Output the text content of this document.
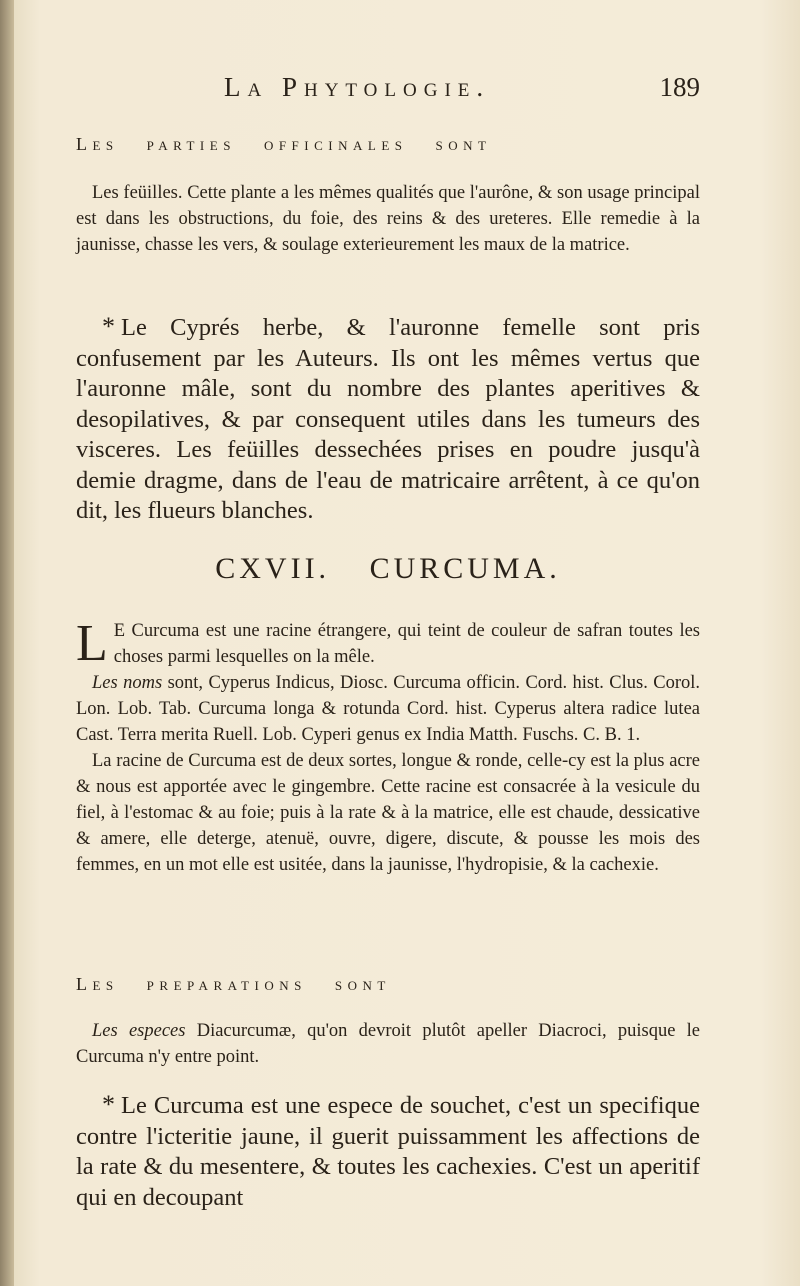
La Phytologie.	189
Les parties officinales sont

Les feüilles. Cette plante a les mêmes qualités que l'aurône, & son usage principal est dans les obstructions, du foie, des reins & des ureteres. Elle remedie à la jaunisse, chasse les vers, & soulage exterieurement les maux de la matrice.

* Le Cyprés herbe, & l'auronne femelle sont pris confusement par les Auteurs. Ils ont les mêmes vertus que l'auronne mâle, sont du nombre des plantes aperitives & desopilatives, & par consequent utiles dans les tumeurs des visceres. Les feüilles dessechées prises en poudre jusqu'à demie dragme, dans de l'eau de matricaire arrêtent, à ce qu'on dit, les flueurs blanches.

CXVII. CURCUMA.

L E Curcuma est une racine étrangere, qui teint de couleur de safran toutes les choses parmi lesquelles on la mêle.

Les noms sont, Cyperus Indicus, Diosc. Curcuma officin. Cord. hist. Clus. Corol. Lon. Lob. Tab. Curcuma longa & rotunda Cord. hist. Cyperus altera radice lutea Cast. Terra merita Ruell. Lob. Cyperi genus ex India Matth. Fuschs. C. B. 1.

La racine de Curcuma est de deux sortes, longue & ronde, celle-cy est la plus acre & nous est apportée avec le gingembre. Cette racine est consacrée à la vesicule du fiel, à l'estomac & au foie; puis à la rate & à la matrice, elle est chaude, dessicative & amere, elle deterge, atenuë, ouvre, digere, discute, & pousse les mois des femmes, en un mot elle est usitée, dans la jaunisse, l'hydropisie, & la cachexie.

Les preparations sont

Les especes Diacurcumæ, qu'on devroit plutôt apeller Diacroci, puisque le Curcuma n'y entre point.

* Le Curcuma est une espece de souchet, c'est un specifique contre l'icteritie jaune, il guerit puissamment les affections de la rate & du mesentere, & toutes les cachexies. C'est un aperitif qui en decoupant
